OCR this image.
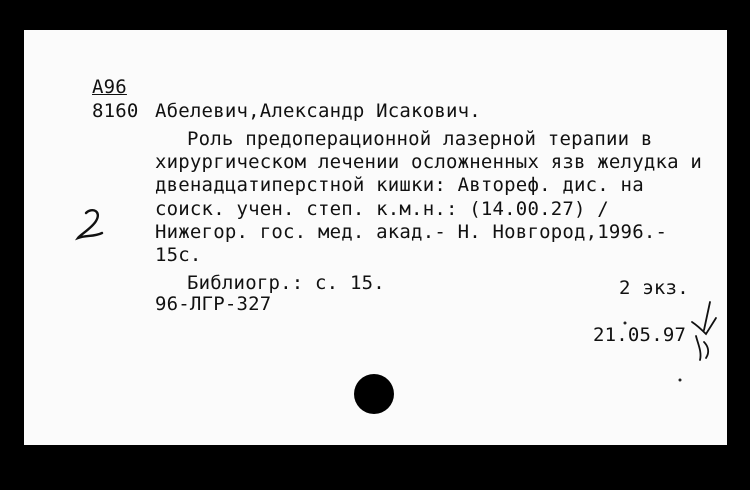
A96
8160 Абелевич,Александр Исакович.
Роль предоперационной лазерной терапии в
хирургическом лечении осложненных язв желудка и
двенадцатиперстной кишки: Автореф. дис. на
соиск. учен. степ. к.м.н.: (14.00.27) /
Нижегор. гос. мед. акад.- Н. Новгород,1996.-
15с.
Библиогр.: с. 15.	2 экз.
96-ЛГР-327
21.05.97
